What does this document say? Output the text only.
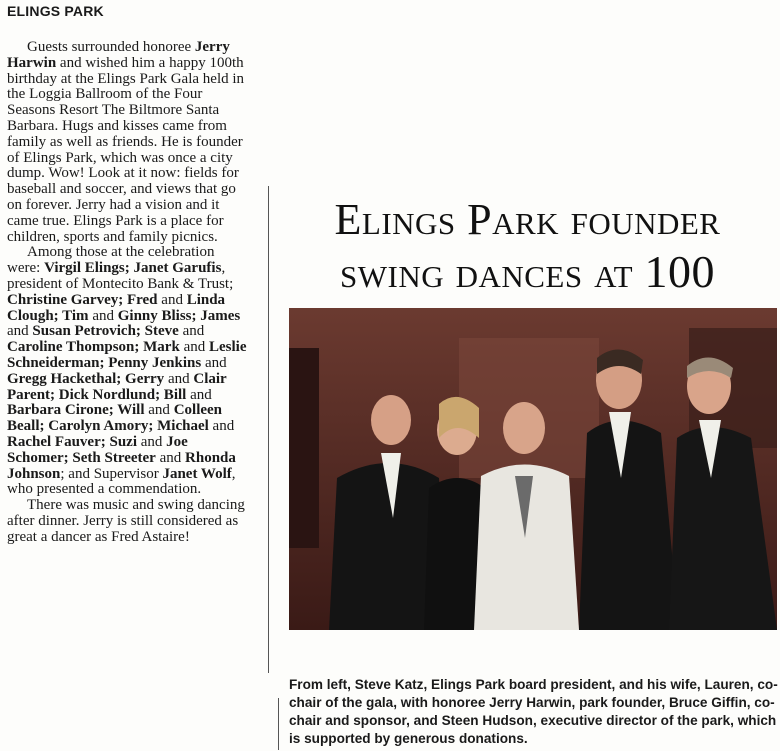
ELINGS PARK

Guests surrounded honoree Jerry Harwin and wished him a happy 100th birthday at the Elings Park Gala held in the Loggia Ballroom of the Four Seasons Resort The Biltmore Santa Barbara. Hugs and kisses came from family as well as friends. He is founder of Elings Park, which was once a city dump. Wow! Look at it now: fields for baseball and soccer, and views that go on forever. Jerry had a vision and it came true. Elings Park is a place for children, sports and family picnics.

Among those at the celebration were: Virgil Elings; Janet Garufis, president of Montecito Bank & Trust; Christine Garvey; Fred and Linda Clough; Tim and Ginny Bliss; James and Susan Petrovich; Steve and Caroline Thompson; Mark and Leslie Schneiderman; Penny Jenkins and Gregg Hackethal; Gerry and Clair Parent; Dick Nordlund; Bill and Barbara Cirone; Will and Colleen Beall; Carolyn Amory; Michael and Rachel Fauver; Suzi and Joe Schomer; Seth Streeter and Rhonda Johnson; and Supervisor Janet Wolf, who presented a commendation.

There was music and swing dancing after dinner. Jerry is still considered as great a dancer as Fred Astaire!

Elings Park founder
swing dances at 100
From left, Steve Katz, Elings Park board president, and his wife, Lauren, co-chair of the gala, with honoree Jerry Harwin, park founder, Bruce Giffin, co-chair and sponsor, and Steen Hudson, executive director of the park, which is supported by generous donations.
